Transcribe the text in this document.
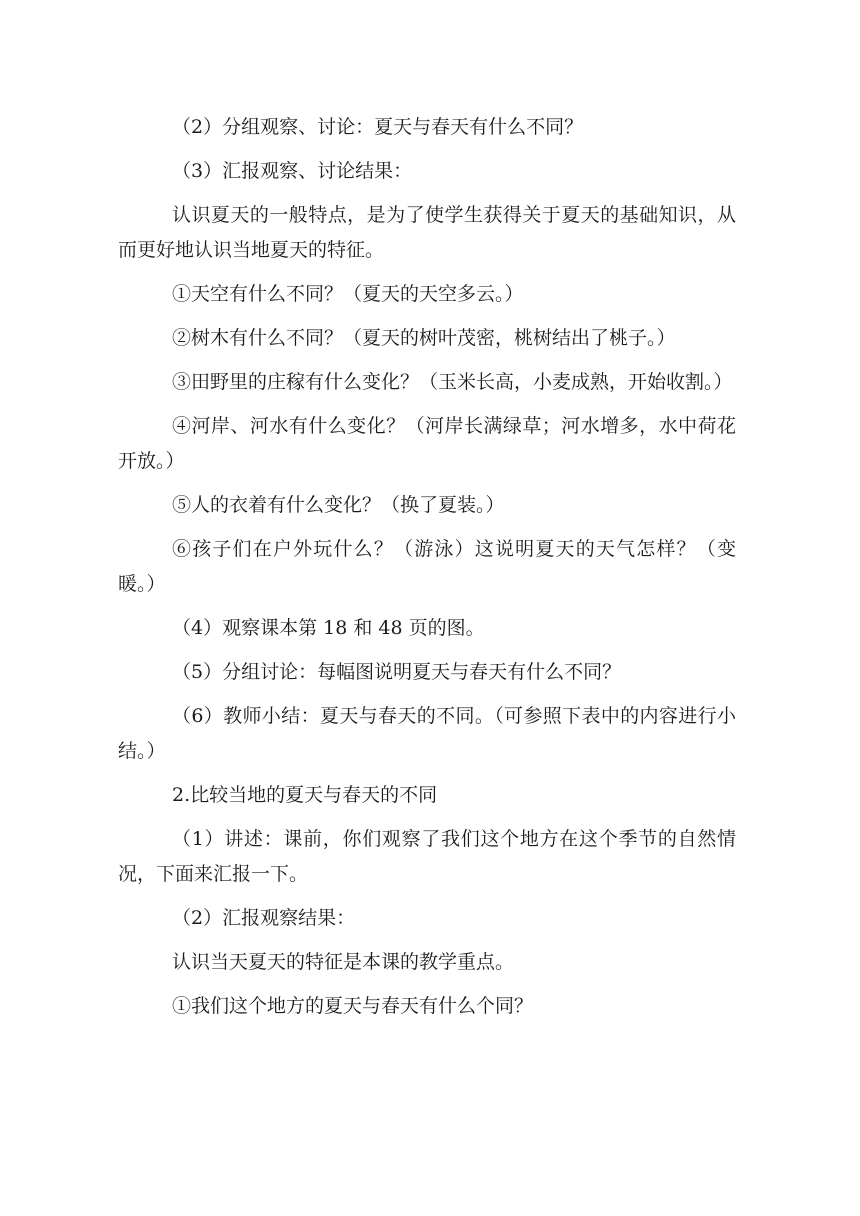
（2）分组观察、讨论：夏天与春天有什么不同？

（3）汇报观察、讨论结果：

认识夏天的一般特点，是为了使学生获得关于夏天的基础知识，从而更好地认识当地夏天的特征。

①天空有什么不同？（夏天的天空多云。）

②树木有什么不同？（夏天的树叶茂密，桃树结出了桃子。）

③田野里的庄稼有什么变化？（玉米长高，小麦成熟，开始收割。）

④河岸、河水有什么变化？（河岸长满绿草；河水增多，水中荷花开放。）

⑤人的衣着有什么变化？（换了夏装。）

⑥孩子们在户外玩什么？（游泳）这说明夏天的天气怎样？（变暖。）

（4）观察课本第 18 和 48 页的图。

（5）分组讨论：每幅图说明夏天与春天有什么不同？

（6）教师小结：夏天与春天的不同。（可参照下表中的内容进行小结。）

2.比较当地的夏天与春天的不同

（1）讲述：课前，你们观察了我们这个地方在这个季节的自然情况，下面来汇报一下。

（2）汇报观察结果：

认识当天夏天的特征是本课的教学重点。

①我们这个地方的夏天与春天有什么个同？
